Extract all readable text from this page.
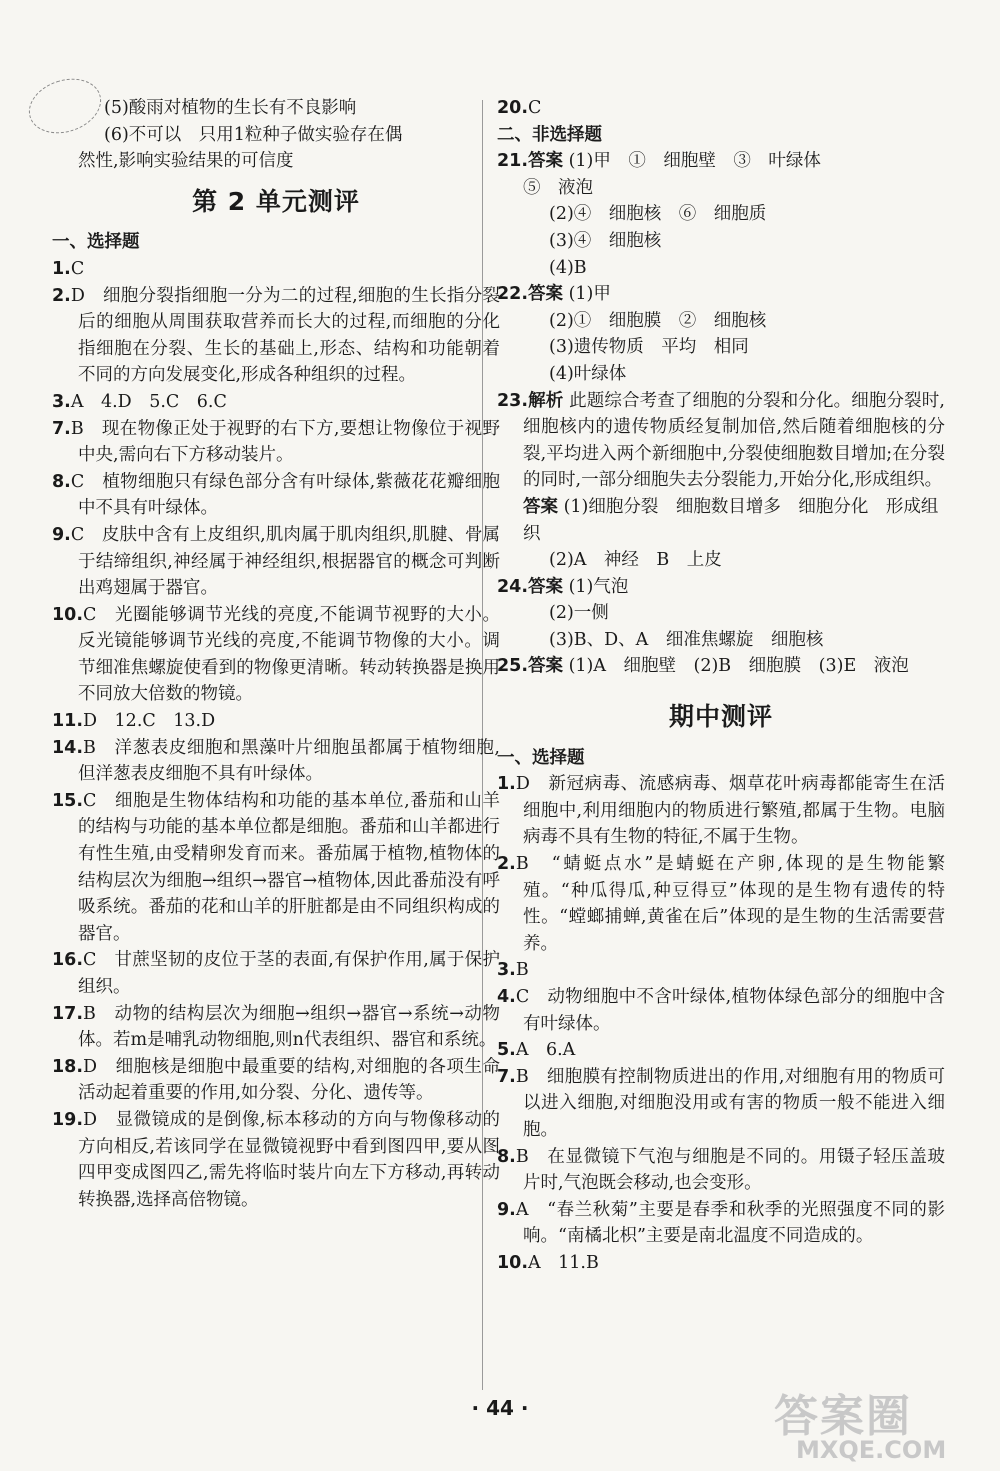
(5)酸雨对植物的生长有不良影响

(6)不可以　只用1粒种子做实验存在偶

然性,影响实验结果的可信度

第 2 单元测评

一、选择题

1.C

2.D　细胞分裂指细胞一分为二的过程,细胞的生长指分裂后的细胞从周围获取营养而长大的过程,而细胞的分化指细胞在分裂、生长的基础上,形态、结构和功能朝着不同的方向发展变化,形成各种组织的过程。

3.A　4.D　5.C　6.C

7.B　现在物像正处于视野的右下方,要想让物像位于视野中央,需向右下方移动装片。

8.C　植物细胞只有绿色部分含有叶绿体,紫薇花花瓣细胞中不具有叶绿体。

9.C　皮肤中含有上皮组织,肌肉属于肌肉组织,肌腱、骨属于结缔组织,神经属于神经组织,根据器官的概念可判断出鸡翅属于器官。

10.C　光圈能够调节光线的亮度,不能调节视野的大小。反光镜能够调节光线的亮度,不能调节物像的大小。调节细准焦螺旋使看到的物像更清晰。转动转换器是换用不同放大倍数的物镜。

11.D　12.C　13.D

14.B　洋葱表皮细胞和黑藻叶片细胞虽都属于植物细胞,但洋葱表皮细胞不具有叶绿体。

15.C　细胞是生物体结构和功能的基本单位,番茄和山羊的结构与功能的基本单位都是细胞。番茄和山羊都进行有性生殖,由受精卵发育而来。番茄属于植物,植物体的结构层次为细胞→组织→器官→植物体,因此番茄没有呼吸系统。番茄的花和山羊的肝脏都是由不同组织构成的器官。

16.C　甘蔗坚韧的皮位于茎的表面,有保护作用,属于保护组织。

17.B　动物的结构层次为细胞→组织→器官→系统→动物体。若m是哺乳动物细胞,则n代表组织、器官和系统。

18.D　细胞核是细胞中最重要的结构,对细胞的各项生命活动起着重要的作用,如分裂、分化、遗传等。

19.D　显微镜成的是倒像,标本移动的方向与物像移动的方向相反,若该同学在显微镜视野中看到图四甲,要从图四甲变成图四乙,需先将临时装片向左下方移动,再转动转换器,选择高倍物镜。

20.C

二、非选择题

21.答案 (1)甲　①　细胞壁　③　叶绿体

⑤　液泡

(2)④　细胞核　⑥　细胞质

(3)④　细胞核

(4)B

22.答案 (1)甲

(2)①　细胞膜　②　细胞核

(3)遗传物质　平均　相同

(4)叶绿体

23.解析 此题综合考查了细胞的分裂和分化。细胞分裂时,细胞核内的遗传物质经复制加倍,然后随着细胞核的分裂,平均进入两个新细胞中,分裂使细胞数目增加;在分裂的同时,一部分细胞失去分裂能力,开始分化,形成组织。

答案 (1)细胞分裂　细胞数目增多　细胞分化　形成组织

(2)A　神经　B　上皮

24.答案 (1)气泡

(2)一侧

(3)B、D、A　细准焦螺旋　细胞核

25.答案 (1)A　细胞壁　(2)B　细胞膜　(3)E　液泡

期中测评

一、选择题

1.D　新冠病毒、流感病毒、烟草花叶病毒都能寄生在活细胞中,利用细胞内的物质进行繁殖,都属于生物。电脑病毒不具有生物的特征,不属于生物。

2.B　“蜻蜓点水”是蜻蜓在产卵,体现的是生物能繁殖。“种瓜得瓜,种豆得豆”体现的是生物有遗传的特性。“螳螂捕蝉,黄雀在后”体现的是生物的生活需要营养。

3.B

4.C　动物细胞中不含叶绿体,植物体绿色部分的细胞中含有叶绿体。

5.A　6.A

7.B　细胞膜有控制物质进出的作用,对细胞有用的物质可以进入细胞,对细胞没用或有害的物质一般不能进入细胞。

8.B　在显微镜下气泡与细胞是不同的。用镊子轻压盖玻片时,气泡既会移动,也会变形。

9.A　“春兰秋菊”主要是春季和秋季的光照强度不同的影响。“南橘北枳”主要是南北温度不同造成的。

10.A　11.B

· 44 ·	答案圈
MXQE.COM
